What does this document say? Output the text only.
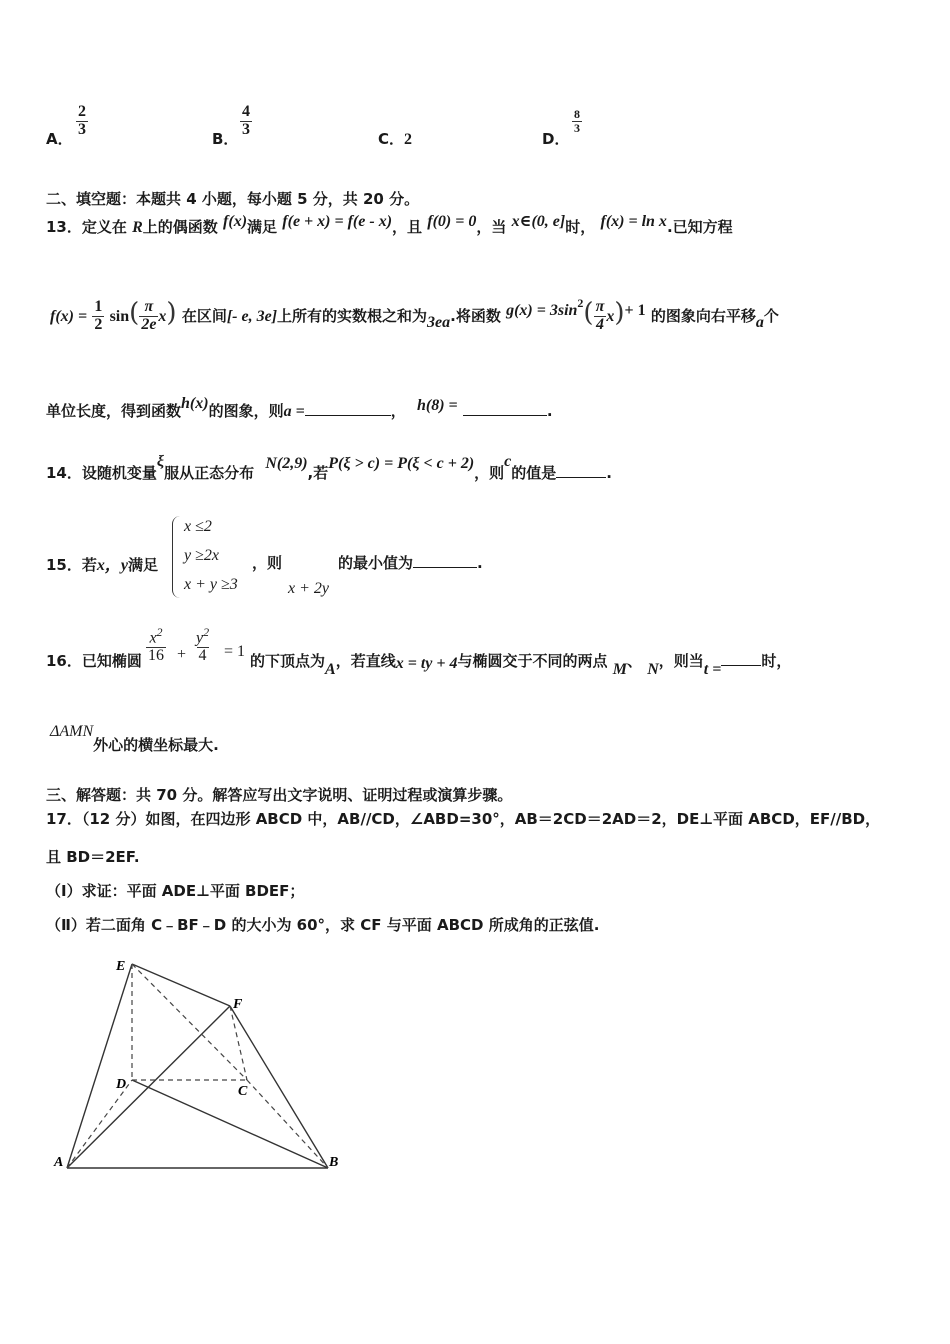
A．
$\frac{2}{3}$
B．
$\frac{4}{3}$
C．2	D．
$\frac{8}{3}$
二、填空题：本题共 4 小题，每小题 5 分，共 20 分。
13．定义在 R上的偶函数 f(x)满足 f(e + x) = f(e - x)，且 f(0) = 0，当 x∈(0, e]时， f(x) = ln x.已知方程
$f(x) = \frac{1}{2} \sin( \frac{\pi}{2e} x)$ 在区间[- e, 3e]上所有的实数根之和为3ea.将函数 $g(x) = 3\sin^2( \frac{\pi}{4} x)+ 1$ 的图象向右平移a个
单位长度，得到函数h(x)的图象，则a =	， h(8) =	.
14．设随机变量ξ服从正态分布 N(2,9),若P(ξ > c) = P(ξ < c + 2)，则c的值是	.
15．若x，y满足
x ≤2
y ≥2x
x + y ≥3
，则
x + 2y
的最小值为	.
16．已知椭圆 $\frac{x^2}{16} + \frac{y^2}{4} = 1$
的下顶点为A，若直线x = ty + 4与椭圆交于不同的两点 M、 N，则当t =	时，
ΔAMN外心的横坐标最大.
三、解答题：共 70 分。解答应写出文字说明、证明过程或演算步骤。
17．（12 分）如图，在四边形 ABCD 中，AB//CD，∠ABD=30°，AB＝2CD＝2AD＝2，DE⊥平面 ABCD，EF//BD，
且 BD＝2EF.
（Ⅰ）求证：平面 ADE⊥平面 BDEF；
（Ⅱ）若二面角 C﹣BF﹣D 的大小为 60°，求 CF 与平面 ABCD 所成角的正弦值.
E
F
D	C
A	B
